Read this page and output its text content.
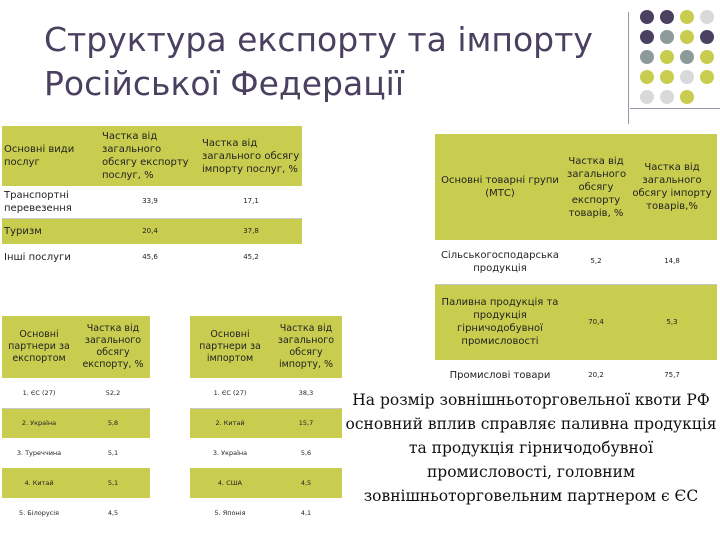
Структура експорту та імпорту Російської Федерації
Основні види послуг	Частка від загального обсягу експорту послуг, %	Частка від загального обсягу імпорту послуг, %
Транспортні перевезення	33,9	17,1
Туризм	20,4	37,8
Інші послуги	45,6	45,2
Основні товарні групи (МТС)	Частка від загального обсягу експорту товарів, %	Частка від загального обсягу імпорту товарів,%
Сільськогосподарська продукція	5,2	14,8
Паливна продукція та продукція гірничодобувної промисловості	70,4	5,3
Промислові товари	20,2	75,7
Основні партнери за експортом	Частка від загального обсягу експорту, %
1. ЄС (27)	52,2
2. Україна	5,8
3. Туреччина	5,1
4. Китай	5,1
5. Білорусія	4,5
Основні партнери за імпортом	Частка від загального обсягу імпорту, %
1. ЄС (27)	38,3
2. Китай	15,7
3. Україна	5,6
4. США	4,5
5. Японія	4,1
На розмір зовнішньоторговельної квоти РФ основний вплив справляє паливна продукція та продукція гірничодобувної промисловості, головним зовнішньоторговельним партнером є ЄС
